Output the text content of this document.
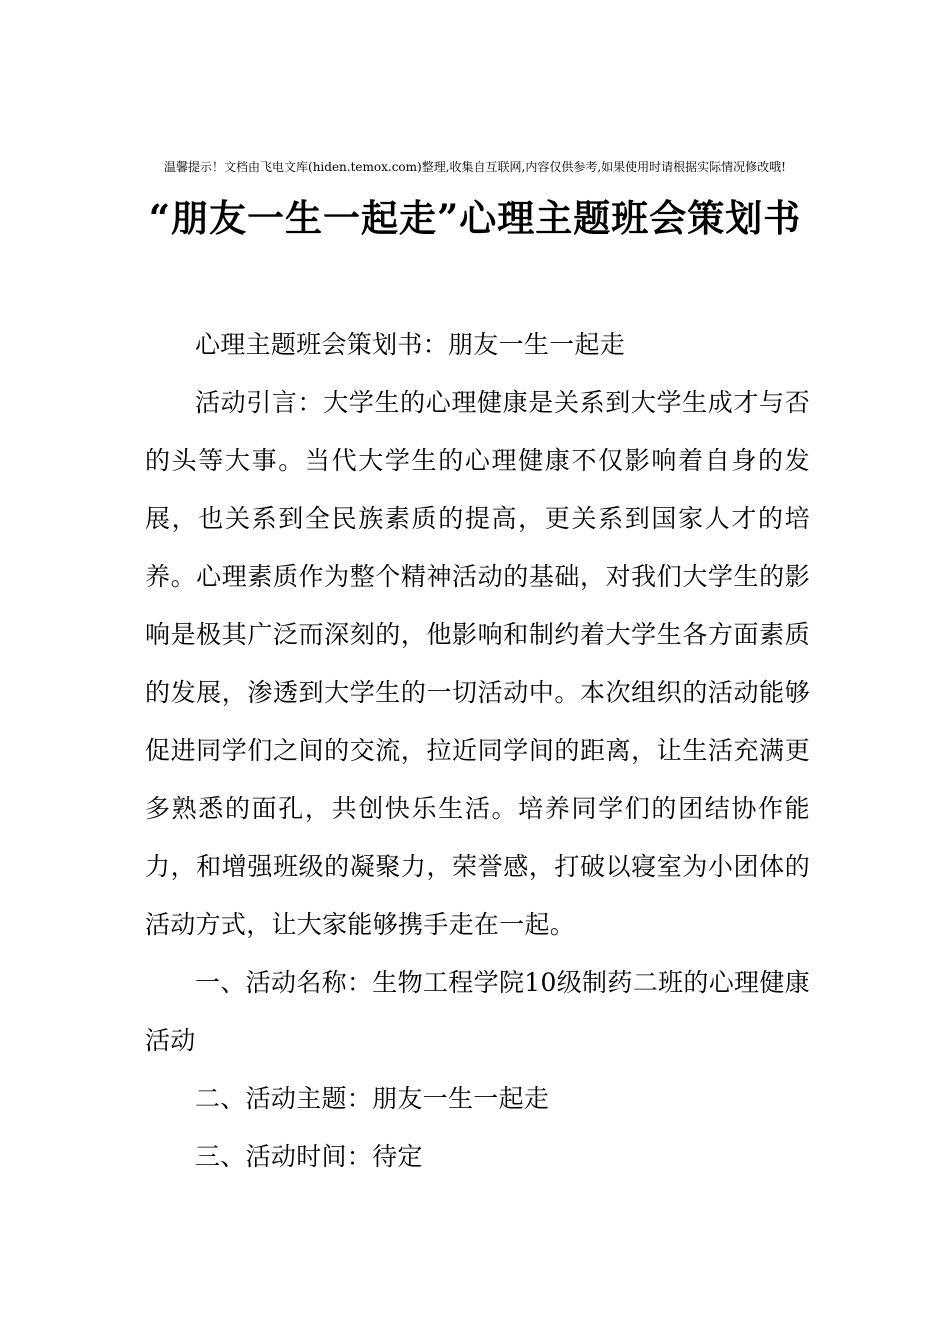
温馨提示！文档由飞电文库(hiden.temox.com)整理,收集自互联网,内容仅供参考,如果使用时请根据实际情况修改哦!
“朋友一生一起走”心理主题班会策划书

心理主题班会策划书：朋友一生一起走

活动引言：大学生的心理健康是关系到大学生成才与否的头等大事。当代大学生的心理健康不仅影响着自身的发展，也关系到全民族素质的提高，更关系到国家人才的培养。心理素质作为整个精神活动的基础，对我们大学生的影响是极其广泛而深刻的，他影响和制约着大学生各方面素质的发展，渗透到大学生的一切活动中。本次组织的活动能够促进同学们之间的交流，拉近同学间的距离，让生活充满更多熟悉的面孔，共创快乐生活。培养同学们的团结协作能力，和增强班级的凝聚力，荣誉感，打破以寝室为小团体的活动方式，让大家能够携手走在一起。

一、活动名称：生物工程学院10级制药二班的心理健康活动

二、活动主题：朋友一生一起走

三、活动时间：待定
